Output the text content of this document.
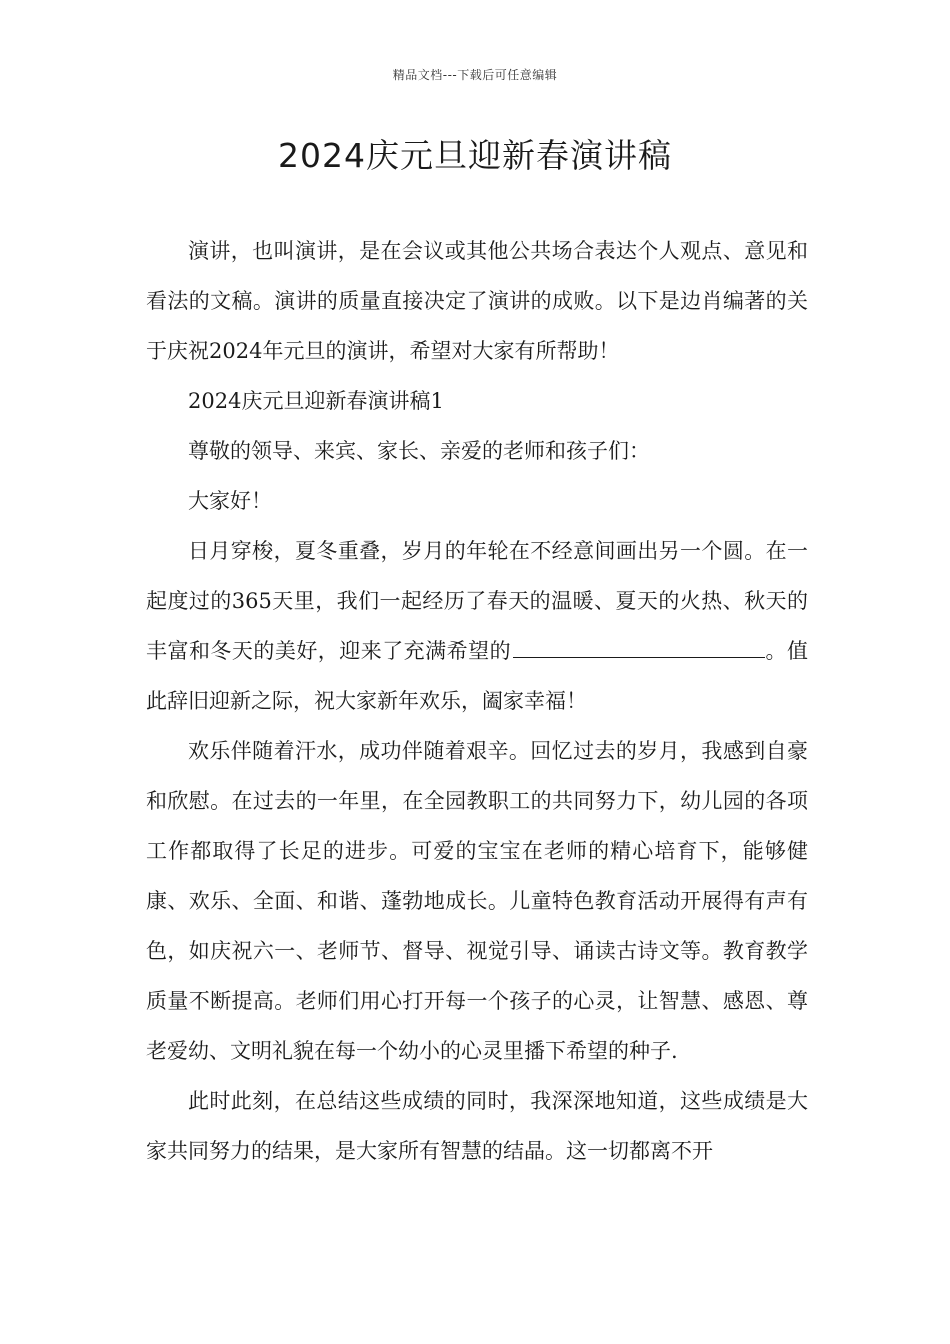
精品文档---下载后可任意编辑
2024庆元旦迎新春演讲稿

演讲，也叫演讲，是在会议或其他公共场合表达个人观点、意见和看法的文稿。演讲的质量直接决定了演讲的成败。以下是边肖编著的关于庆祝2024年元旦的演讲，希望对大家有所帮助！

2024庆元旦迎新春演讲稿1

尊敬的领导、来宾、家长、亲爱的老师和孩子们：

大家好！

日月穿梭，夏冬重叠，岁月的年轮在不经意间画出另一个圆。在一起度过的365天里，我们一起经历了春天的温暖、夏天的火热、秋天的丰富和冬天的美好，迎来了充满希望的	。值此辞旧迎新之际，祝大家新年欢乐，阖家幸福！

欢乐伴随着汗水，成功伴随着艰辛。回忆过去的岁月，我感到自豪和欣慰。在过去的一年里，在全园教职工的共同努力下，幼儿园的各项工作都取得了长足的进步。可爱的宝宝在老师的精心培育下，能够健康、欢乐、全面、和谐、蓬勃地成长。儿童特色教育活动开展得有声有色，如庆祝六一、老师节、督导、视觉引导、诵读古诗文等。教育教学质量不断提高。老师们用心打开每一个孩子的心灵，让智慧、感恩、尊老爱幼、文明礼貌在每一个幼小的心灵里播下希望的种子.

此时此刻，在总结这些成绩的同时，我深深地知道，这些成绩是大家共同努力的结果，是大家所有智慧的结晶。这一切都离不开
